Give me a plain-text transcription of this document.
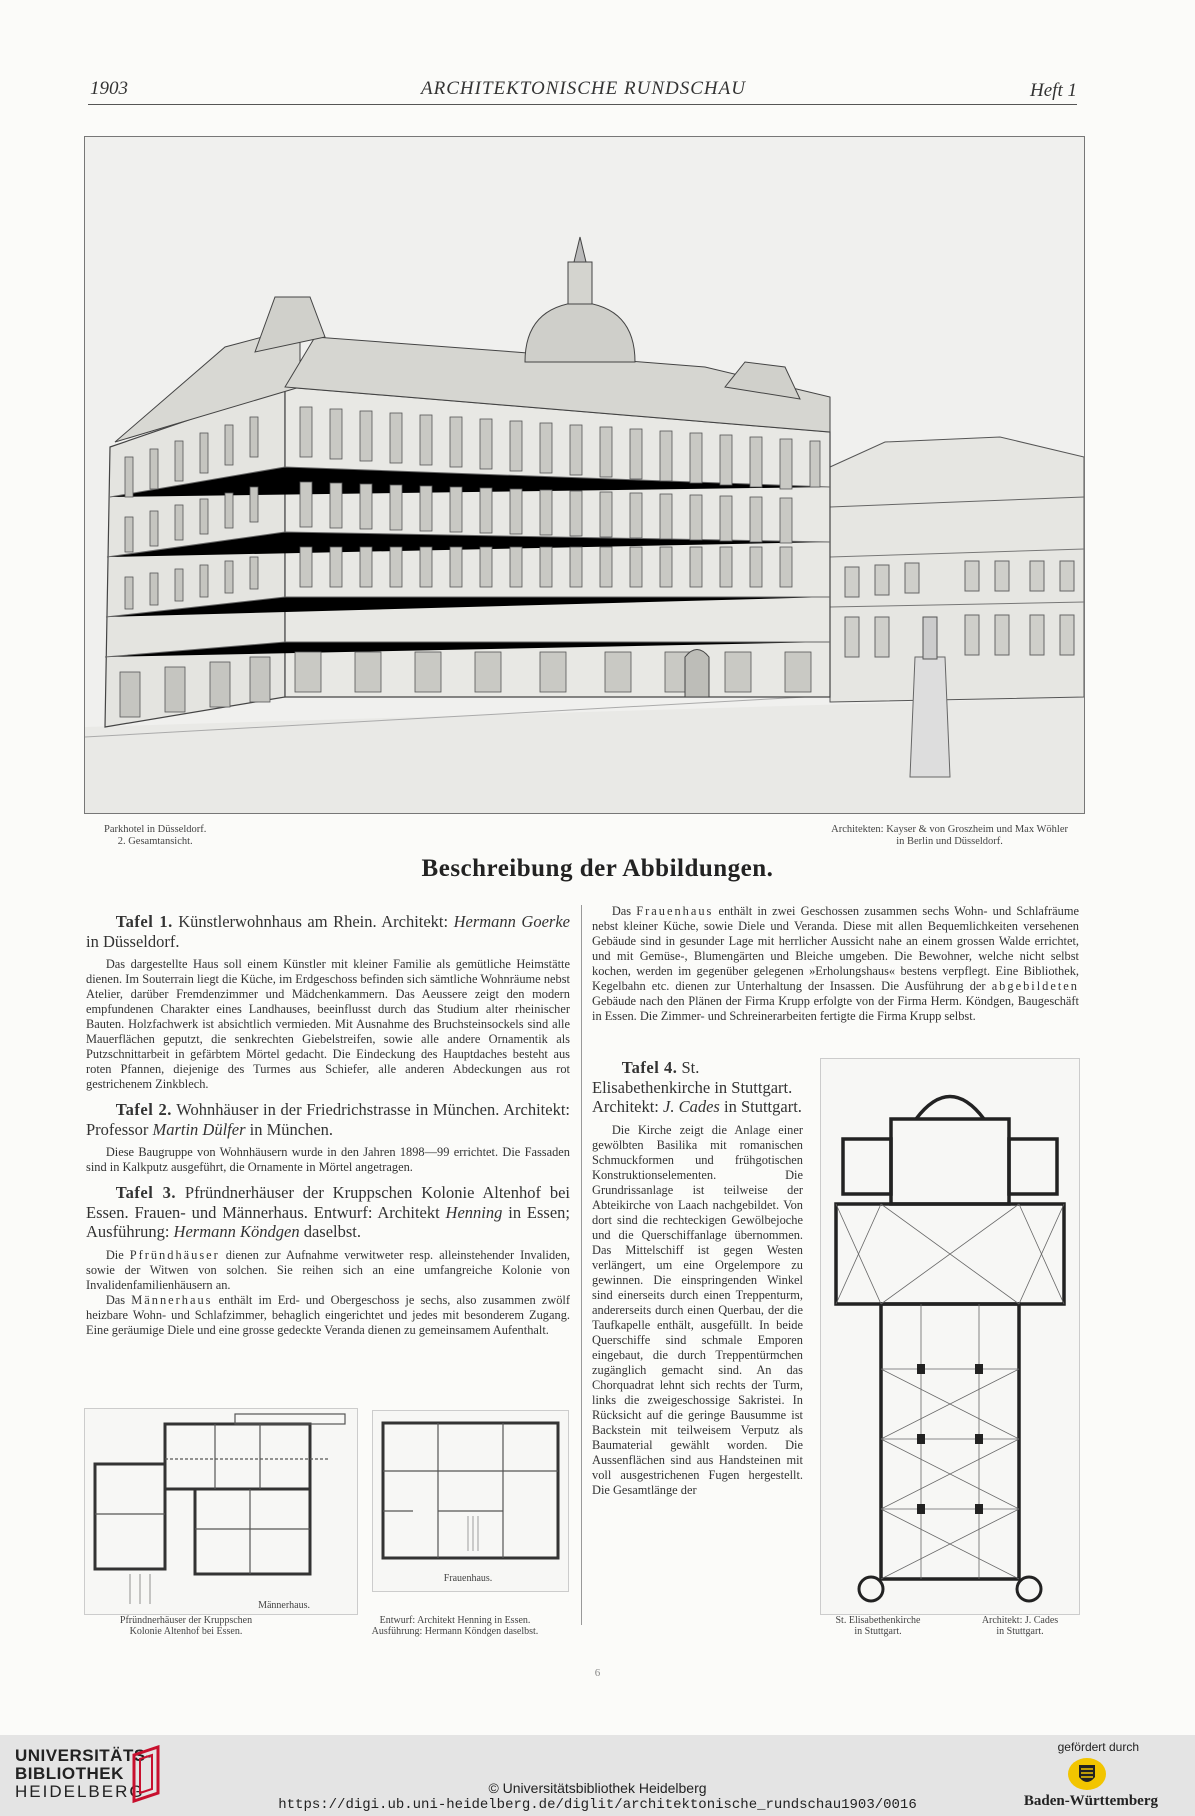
1903	ARCHITEKTONISCHE RUNDSCHAU	Heft 1
Parkhotel in Düsseldorf.
2. Gesamtansicht.
Architekten: Kayser & von Groszheim und Max Wöhler
in Berlin und Düsseldorf.
Beschreibung der Abbildungen.
Tafel 1. Künstlerwohnhaus am Rhein. Architekt: Hermann Goerke in Düsseldorf.

Das dargestellte Haus soll einem Künstler mit kleiner Familie als gemütliche Heimstätte dienen. Im Souterrain liegt die Küche, im Erdgeschoss befinden sich sämtliche Wohnräume nebst Atelier, darüber Fremdenzimmer und Mädchenkammern. Das Aeussere zeigt den modern empfundenen Charakter eines Landhauses, beeinflusst durch das Studium alter rheinischer Bauten. Holzfachwerk ist absichtlich vermieden. Mit Ausnahme des Bruchsteinsockels sind alle Mauerflächen geputzt, die senkrechten Giebelstreifen, sowie alle andere Ornamentik als Putzschnittarbeit in gefärbtem Mörtel gedacht. Die Eindeckung des Hauptdaches besteht aus roten Pfannen, diejenige des Turmes aus Schiefer, alle anderen Abdeckungen aus rot gestrichenem Zinkblech.

Tafel 2. Wohnhäuser in der Friedrichstrasse in München. Architekt: Professor Martin Dülfer in München.

Diese Baugruppe von Wohnhäusern wurde in den Jahren 1898—99 errichtet. Die Fassaden sind in Kalkputz ausgeführt, die Ornamente in Mörtel angetragen.

Tafel 3. Pfründnerhäuser der Kruppschen Kolonie Altenhof bei Essen. Frauen- und Männerhaus. Entwurf: Architekt Henning in Essen; Ausführung: Hermann Köndgen daselbst.

Die Pfründhäuser dienen zur Aufnahme verwitweter resp. alleinstehender Invaliden, sowie der Witwen von solchen. Sie reihen sich an eine umfangreiche Kolonie von Invalidenfamilienhäusern an.

Das Männerhaus enthält im Erd- und Obergeschoss je sechs, also zusammen zwölf heizbare Wohn- und Schlafzimmer, behaglich eingerichtet und jedes mit besonderem Zugang. Eine geräumige Diele und eine grosse gedeckte Veranda dienen zu gemeinsamem Aufenthalt.

Das Frauenhaus enthält in zwei Geschossen zusammen sechs Wohn- und Schlafräume nebst kleiner Küche, sowie Diele und Veranda. Diese mit allen Bequemlichkeiten versehenen Gebäude sind in gesunder Lage mit herrlicher Aussicht nahe an einem grossen Walde errichtet, und mit Gemüse-, Blumengärten und Bleiche umgeben. Die Bewohner, welche nicht selbst kochen, werden im gegenüber gelegenen »Erholungshaus« bestens verpflegt. Eine Bibliothek, Kegelbahn etc. dienen zur Unterhaltung der Insassen. Die Ausführung der abgebildeten Gebäude nach den Plänen der Firma Krupp erfolgte von der Firma Herm. Köndgen, Baugeschäft in Essen. Die Zimmer- und Schreinerarbeiten fertigte die Firma Krupp selbst.

Tafel 4. St. Elisabethenkirche in Stuttgart. Architekt: J. Cades in Stuttgart.

Die Kirche zeigt die Anlage einer gewölbten Basilika mit romanischen Schmuckformen und frühgotischen Konstruktionselementen. Die Grundrissanlage ist teilweise der Abteikirche von Laach nachgebildet. Von dort sind die rechteckigen Gewölbejoche und die Querschiffanlage übernommen. Das Mittelschiff ist gegen Westen verlängert, um eine Orgelempore zu gewinnen. Die einspringenden Winkel sind einerseits durch einen Treppenturm, andererseits durch einen Querbau, der die Taufkapelle enthält, ausgefüllt. In beide Querschiffe sind schmale Emporen eingebaut, die durch Treppentürmchen zugänglich gemacht sind. An das Chorquadrat lehnt sich rechts der Turm, links die zweigeschossige Sakristei. In Rücksicht auf die geringe Bausumme ist Backstein mit teilweisem Verputz als Baumaterial gewählt worden. Die Aussenflächen sind aus Handsteinen mit voll ausgestrichenen Fugen hergestellt. Die Gesamtlänge der

Männerhaus.
Pfründnerhäuser der Kruppschen
Kolonie Altenhof bei Essen.
Frauenhaus.
Entwurf: Architekt Henning in Essen.
Ausführung: Hermann Köndgen daselbst.
St. Elisabethenkirche
in Stuttgart.
Architekt: J. Cades
in Stuttgart.
6
UNIVERSITÄTS-
BIBLIOTHEK
HEIDELBERG	© Universitätsbibliothek Heidelberg
https://digi.ub.uni-heidelberg.de/diglit/architektonische_rundschau1903/0016
gefördert durch
Baden-Württemberg
